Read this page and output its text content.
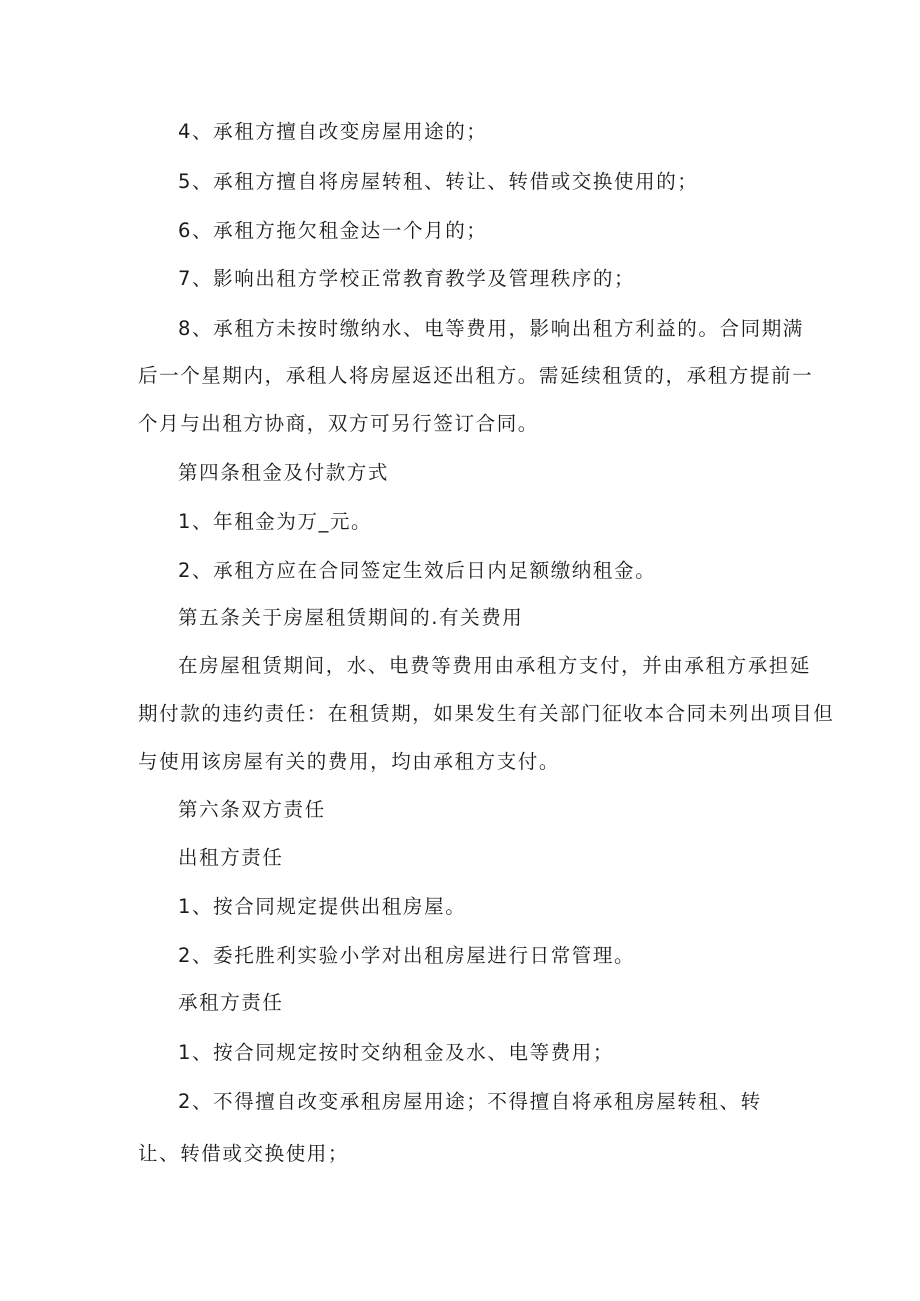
4、承租方擅自改变房屋用途的；
5、承租方擅自将房屋转租、转让、转借或交换使用的；
6、承租方拖欠租金达一个月的；
7、影响出租方学校正常教育教学及管理秩序的；
8、承租方未按时缴纳水、电等费用，影响出租方利益的。合同期满
后一个星期内，承租人将房屋返还出租方。需延续租赁的，承租方提前一
个月与出租方协商，双方可另行签订合同。
第四条租金及付款方式
1、年租金为万_元。
2、承租方应在合同签定生效后日内足额缴纳租金。
第五条关于房屋租赁期间的.有关费用
在房屋租赁期间，水、电费等费用由承租方支付，并由承租方承担延
期付款的违约责任：在租赁期，如果发生有关部门征收本合同未列出项目但
与使用该房屋有关的费用，均由承租方支付。
第六条双方责任
出租方责任
1、按合同规定提供出租房屋。
2、委托胜利实验小学对出租房屋进行日常管理。
承租方责任
1、按合同规定按时交纳租金及水、电等费用；
2、不得擅自改变承租房屋用途；不得擅自将承租房屋转租、转
让、转借或交换使用；
